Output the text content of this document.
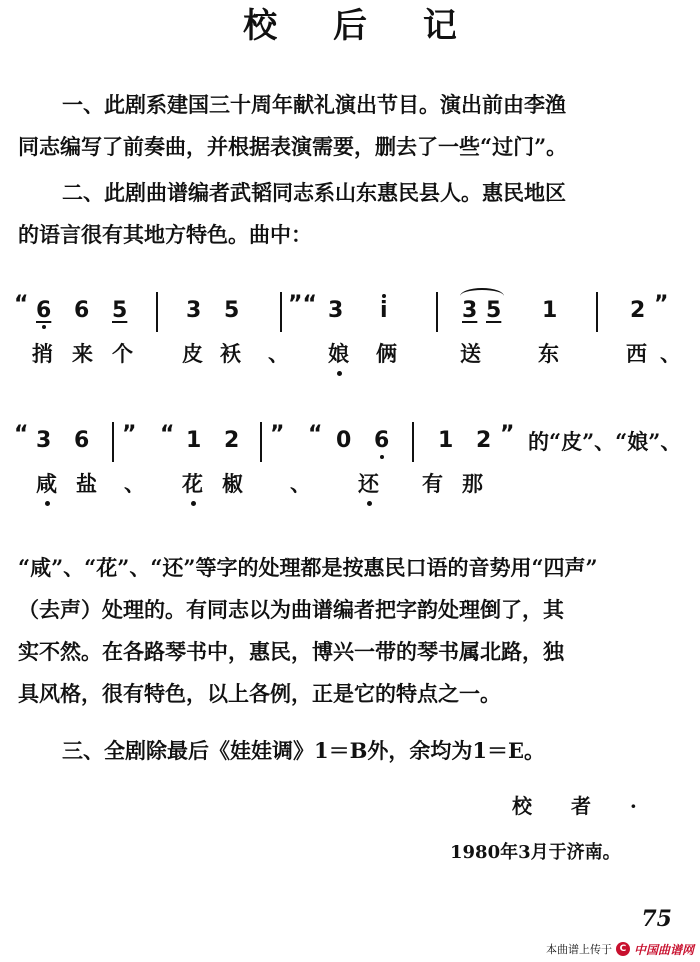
校 后 记
一、此剧系建国三十周年献礼演出节目。演出前由李渔
同志编写了前奏曲，并根据表演需要，删去了一些“过门”。
二、此剧曲谱编者武韬同志系山东惠民县人。惠民地区
的语言很有其地方特色。曲中：
“ 6 6 5	3 5 ”“ 3 i	3 5 1	2 ”
捎 来 个 皮 袄 、 娘 俩	送	东	西 、
“ 3 6 ” “ 1 2 ” “ 0 6 1 2 ” 的“皮”、“娘”、
咸 盐 、 花 椒 、 还 有 那
“咸”、“花”、“还”等字的处理都是按惠民口语的音势用“四声”
（去声）处理的。有同志以为曲谱编者把字韵处理倒了，其
实不然。在各路琴书中，惠民，博兴一带的琴书属北路，独
具风格，很有特色，以上各例，正是它的特点之一。
三、全剧除最后《娃娃调》1＝B外，余均为1＝E。
校 者 ·
1980年3月于济南。
75
本曲谱上传于 C 中国曲谱网
